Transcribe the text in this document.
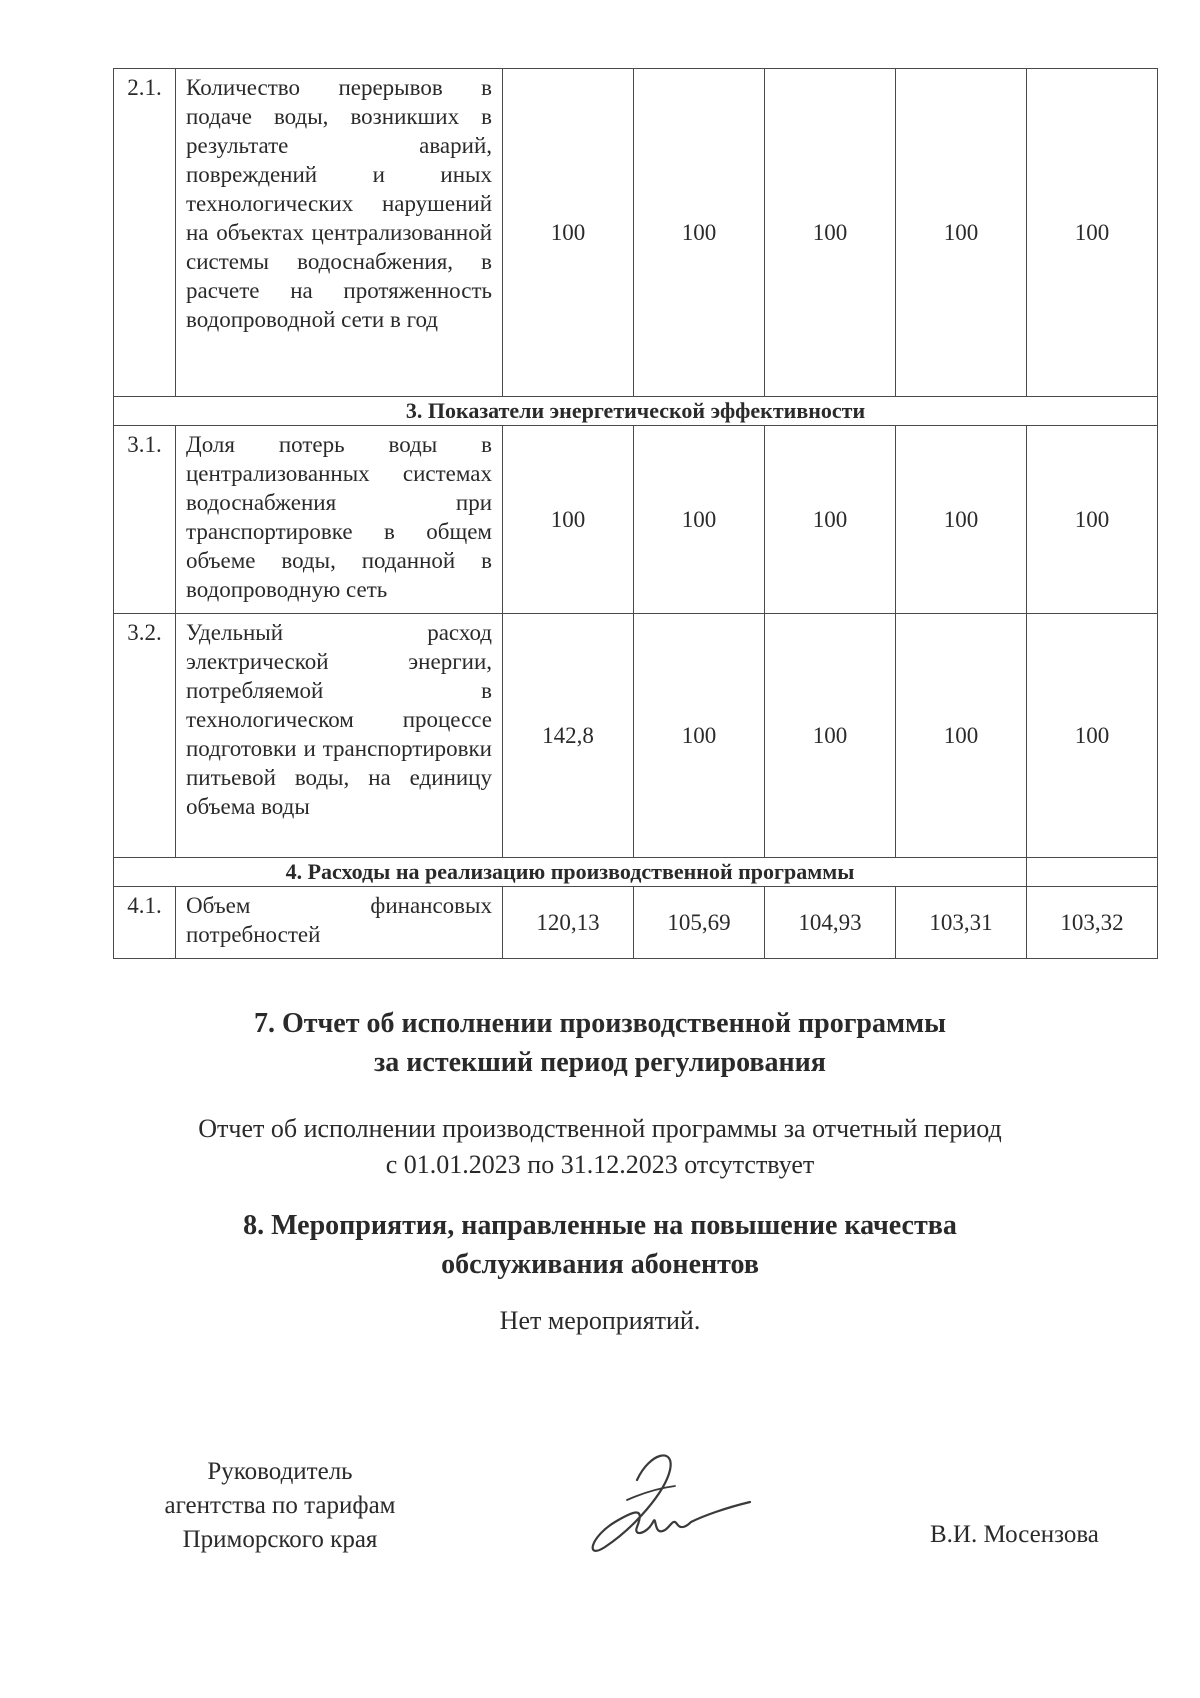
2.1.	Количество перерывов в подаче воды, возникших в результате аварий, повреждений и иных технологических нарушений на объектах централизованной системы водоснабжения, в расчете на протяженность водопроводной сети в год	100	100	100	100	100
3. Показатели энергетической эффективности						
3.1.	Доля потерь воды в централизованных системах водоснабжения при транспортировке в общем объеме воды, поданной в водопроводную сеть	100	100	100	100	100
3.2.	Удельный расход электрической энергии, потребляемой в технологическом процессе подготовки и транспортировки питьевой воды, на единицу объема воды	142,8	100	100	100	100
4. Расходы на реализацию производственной программы						
4.1.	Объем финансовых потребностей	120,13	105,69	104,93	103,31	103,32
7. Отчет об исполнении производственной программы
за истекший период регулирования
Отчет об исполнении производственной программы за отчетный период
с 01.01.2023 по 31.12.2023 отсутствует
8. Мероприятия, направленные на повышение качества
обслуживания абонентов
Нет мероприятий.
Руководитель
агентства по тарифам
Приморского края	В.И. Мосензова
